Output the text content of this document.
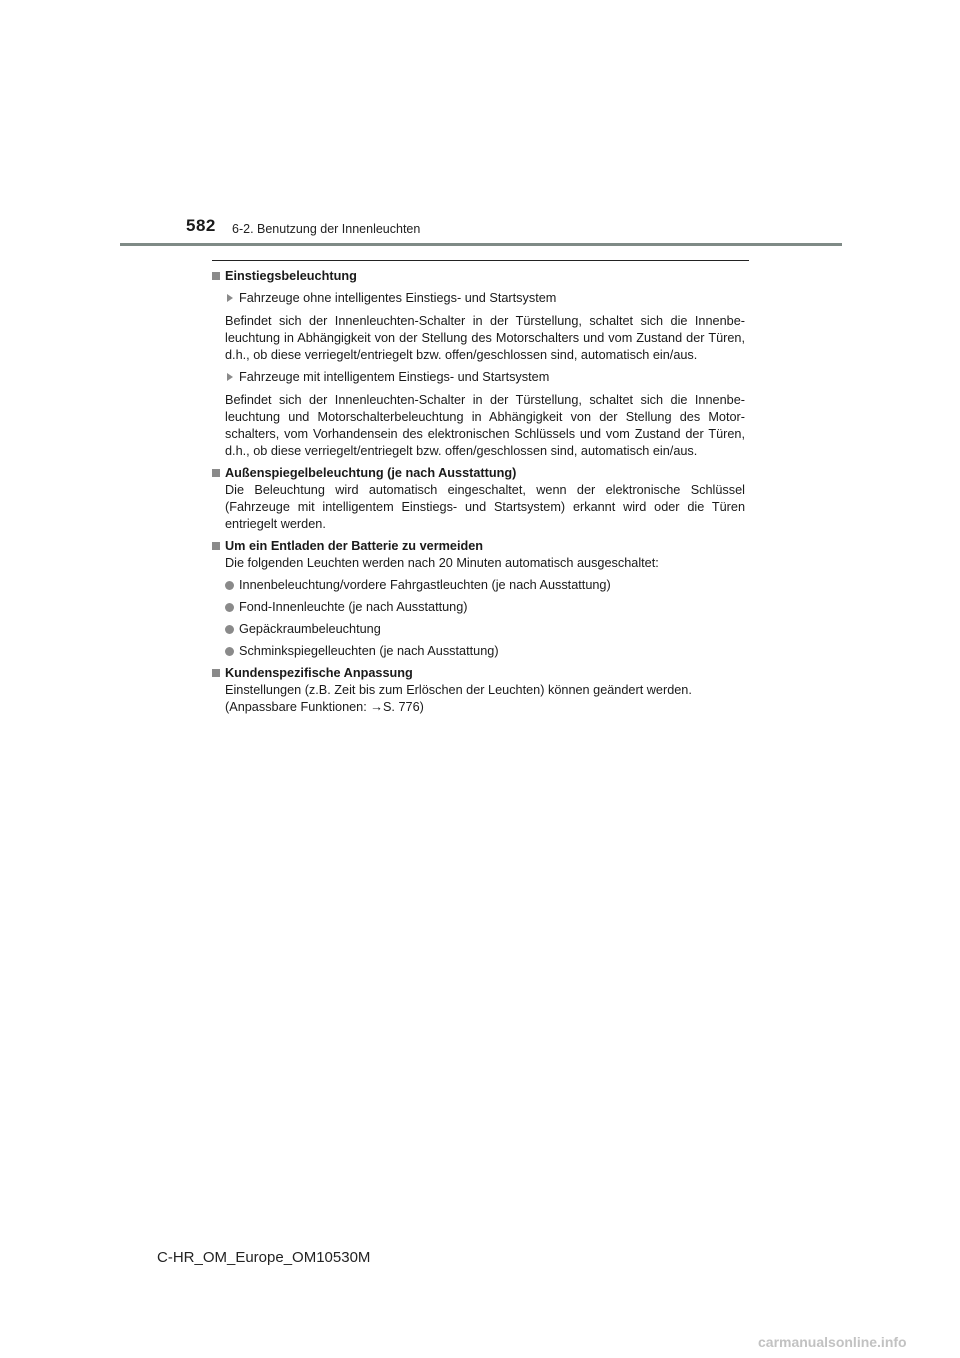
582 6-2. Benutzung der Innenleuchten
Einstiegsbeleuchtung
Fahrzeuge ohne intelligentes Einstiegs- und Startsystem
Befindet sich der Innenleuchten-Schalter in der Türstellung, schaltet sich die Innenbe-leuchtung in Abhängigkeit von der Stellung des Motorschalters und vom Zustand der Türen, d.h., ob diese verriegelt/entriegelt bzw. offen/geschlossen sind, automatisch ein/aus.
Fahrzeuge mit intelligentem Einstiegs- und Startsystem
Befindet sich der Innenleuchten-Schalter in der Türstellung, schaltet sich die Innenbe-leuchtung und Motorschalterbeleuchtung in Abhängigkeit von der Stellung des Motor-schalters, vom Vorhandensein des elektronischen Schlüssels und vom Zustand der Türen, d.h., ob diese verriegelt/entriegelt bzw. offen/geschlossen sind, automatisch ein/aus.
Außenspiegelbeleuchtung (je nach Ausstattung)
Die Beleuchtung wird automatisch eingeschaltet, wenn der elektronische Schlüssel (Fahrzeuge mit intelligentem Einstiegs- und Startsystem) erkannt wird oder die Türen entriegelt werden.
Um ein Entladen der Batterie zu vermeiden
Die folgenden Leuchten werden nach 20 Minuten automatisch ausgeschaltet:
Innenbeleuchtung/vordere Fahrgastleuchten (je nach Ausstattung)
Fond-Innenleuchte (je nach Ausstattung)
Gepäckraumbeleuchtung
Schminkspiegelleuchten (je nach Ausstattung)
Kundenspezifische Anpassung
Einstellungen (z.B. Zeit bis zum Erlöschen der Leuchten) können geändert werden.
(Anpassbare Funktionen: →S. 776)
C-HR_OM_Europe_OM10530M
carmanualsonline.info
